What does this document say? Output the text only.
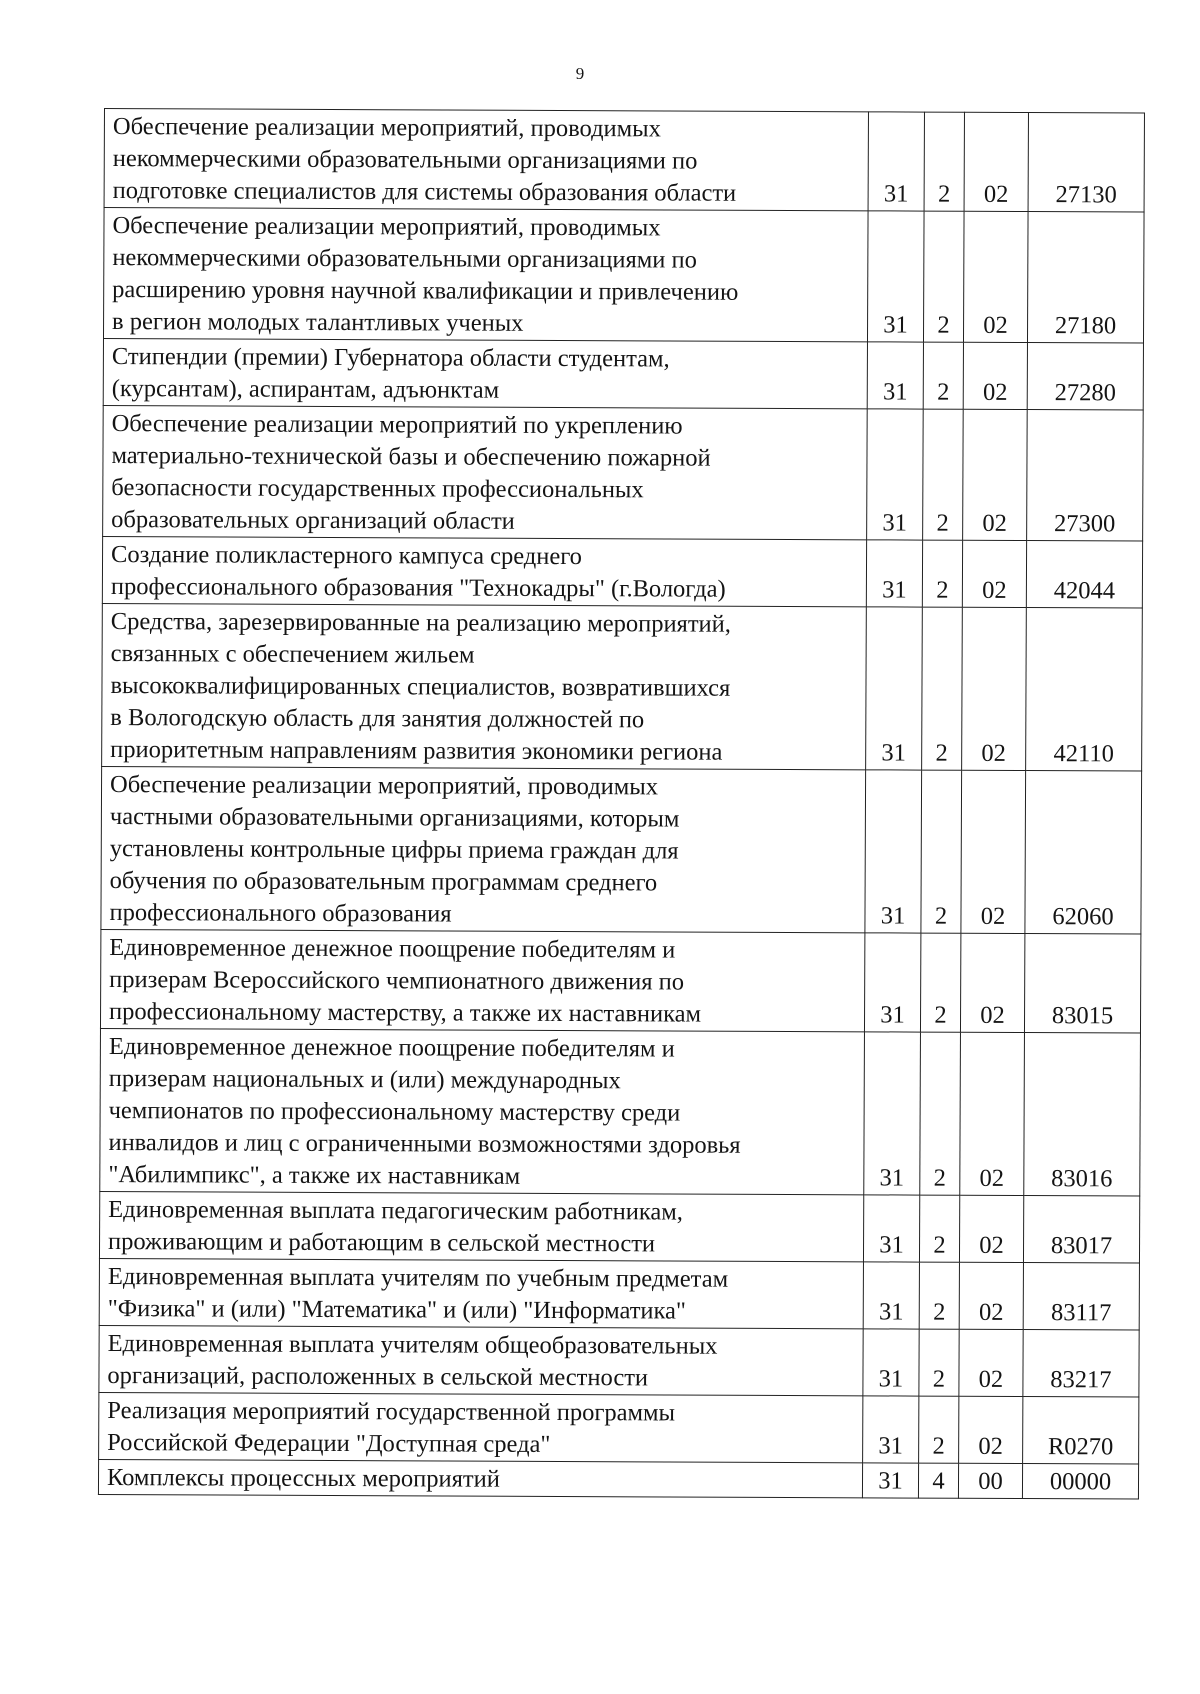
9
Обеспечение реализации мероприятий, проводимых
некоммерческими образовательными организациями по
подготовке специалистов для системы образования области	31	2	02	27130
Обеспечение реализации мероприятий, проводимых
некоммерческими образовательными организациями по
расширению уровня научной квалификации и привлечению
в регион молодых талантливых ученых	31	2	02	27180
Стипендии (премии) Губернатора области студентам,
(курсантам), аспирантам, адъюнктам	31	2	02	27280
Обеспечение реализации мероприятий по укреплению
материально-технической базы и обеспечению пожарной
безопасности государственных профессиональных
образовательных организаций области	31	2	02	27300
Создание поликластерного кампуса среднего
профессионального образования "Технокадры" (г.Вологда)	31	2	02	42044
Средства, зарезервированные на реализацию мероприятий,
связанных с обеспечением жильем
высококвалифицированных специалистов, возвратившихся
в Вологодскую область для занятия должностей по
приоритетным направлениям развития экономики региона	31	2	02	42110
Обеспечение реализации мероприятий, проводимых
частными образовательными организациями, которым
установлены контрольные цифры приема граждан для
обучения по образовательным программам среднего
профессионального образования	31	2	02	62060
Единовременное денежное поощрение победителям и
призерам Всероссийского чемпионатного движения по
профессиональному мастерству, а также их наставникам	31	2	02	83015
Единовременное денежное поощрение победителям и
призерам национальных и (или) международных
чемпионатов по профессиональному мастерству среди
инвалидов и лиц с ограниченными возможностями здоровья
"Абилимпикс", а также их наставникам	31	2	02	83016
Единовременная выплата педагогическим работникам,
проживающим и работающим в сельской местности	31	2	02	83017
Единовременная выплата учителям по учебным предметам
"Физика" и (или) "Математика" и (или) "Информатика"	31	2	02	83117
Единовременная выплата учителям общеобразовательных
организаций, расположенных в сельской местности	31	2	02	83217
Реализация мероприятий государственной программы
Российской Федерации "Доступная среда"	31	2	02	R0270
Комплексы процессных мероприятий	31	4	00	00000
